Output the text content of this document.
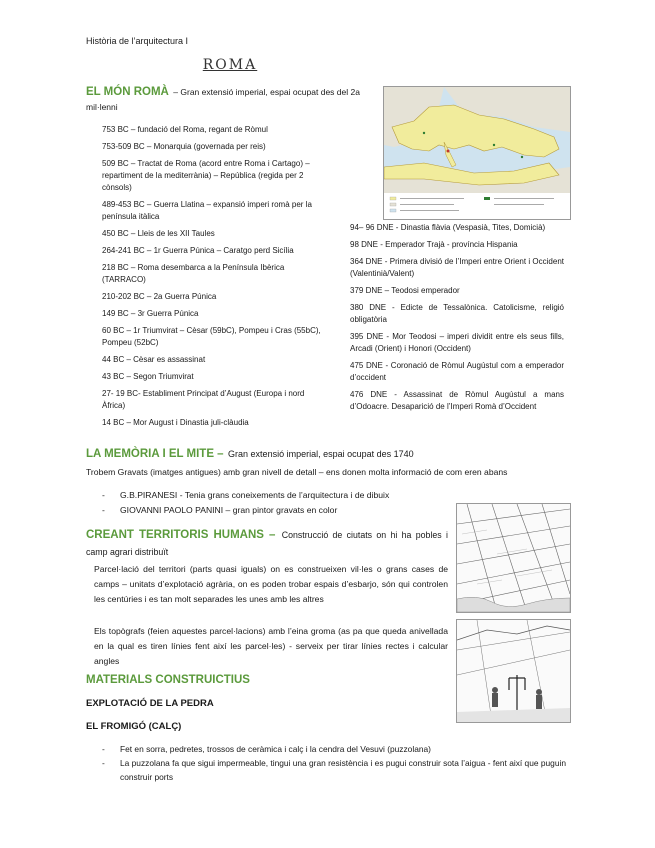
Història de l’arquitectura I
ROMA
EL MÓN ROMÀ – Gran extensió imperial, espai ocupat des del 2a mil·lenni
753 BC – fundació del Roma, regant de Ròmul
753-509 BC – Monarquia (governada per reis)
509 BC – Tractat de Roma (acord entre Roma i Cartago) – repartiment de la mediterrània) – República (regida per 2 cònsols)
489-453 BC – Guerra Llatina – expansió imperi romà per la península itàlica
450 BC – Lleis de les XII Taules
264-241 BC – 1r Guerra Púnica – Caratgo perd Sicília
218 BC – Roma desembarca a la Península Ibèrica (TARRACO)
210-202 BC – 2a Guerra Púnica
149 BC – 3r Guerra Púnica
60 BC – 1r Triumvirat – Cèsar (59bC), Pompeu i Cras (55bC), Pompeu (52bC)
44 BC – Cèsar es assassinat
43 BC – Segon Triumvirat
27- 19 BC- Establiment Principat d’August (Europa i nord Àfrica)
14 BC – Mor August i Dinastia juli-clàudia
94– 96 DNE - Dinastia flàvia (Vespasià, Tites, Domicià)
98 DNE - Emperador Trajà - província Hispania
364 DNE - Primera divisió de l’Imperi entre Orient i Occident (Valentinià/Valent)
379 DNE – Teodosi emperador
380 DNE - Edicte de Tessalònica. Catolicisme, religió obligatòria
395 DNE - Mor Teodosi – imperi dividit entre els seus fills, Arcadi (Orient) i Honori (Occident)
475 DNE - Coronació de Ròmul Augústul com a emperador d’occident
476 DNE - Assassinat de Ròmul Augústul a mans d’Odoacre. Desaparició de l’Imperi Romà d’Occident
LA MEMÒRIA I EL MITE – Gran extensió imperial, espai ocupat des 1740
Trobem Gravats (imatges antigues) amb gran nivell de detall – ens donen molta informació de com eren abans
- G.B.PIRANESI - Tenia grans coneixements de l’arquitectura i de dibuix
- GIOVANNI PAOLO PANINI – gran pintor gravats en color
CREANT TERRITORIS HUMANS – Construcció de ciutats on hi ha pobles i camp agrari distribuït
Parcel·lació del territori (parts quasi iguals) on es construeixen vil·les o grans cases de camps – unitats d’explotació agrària, on es poden trobar espais d’esbarjo, són qui controlen les centúries i es tan molt separades les unes amb les altres
Els topògrafs (feien aquestes parcel·lacions) amb l’eina groma (as pa que queda anivellada en la qual es tiren línies fent així les parcel·les) - serveix per tirar línies rectes i calcular angles
MATERIALS CONSTRUICTIUS
EXPLOTACIÓ DE LA PEDRA
EL FROMIGÓ (CALÇ)
- Fet en sorra, pedretes, trossos de ceràmica i calç i la cendra del Vesuvi (puzzolana)
- La puzzolana fa que sigui impermeable, tingui una gran resistència i es pugui construir sota l’aigua - fent així que puguin construir ports
